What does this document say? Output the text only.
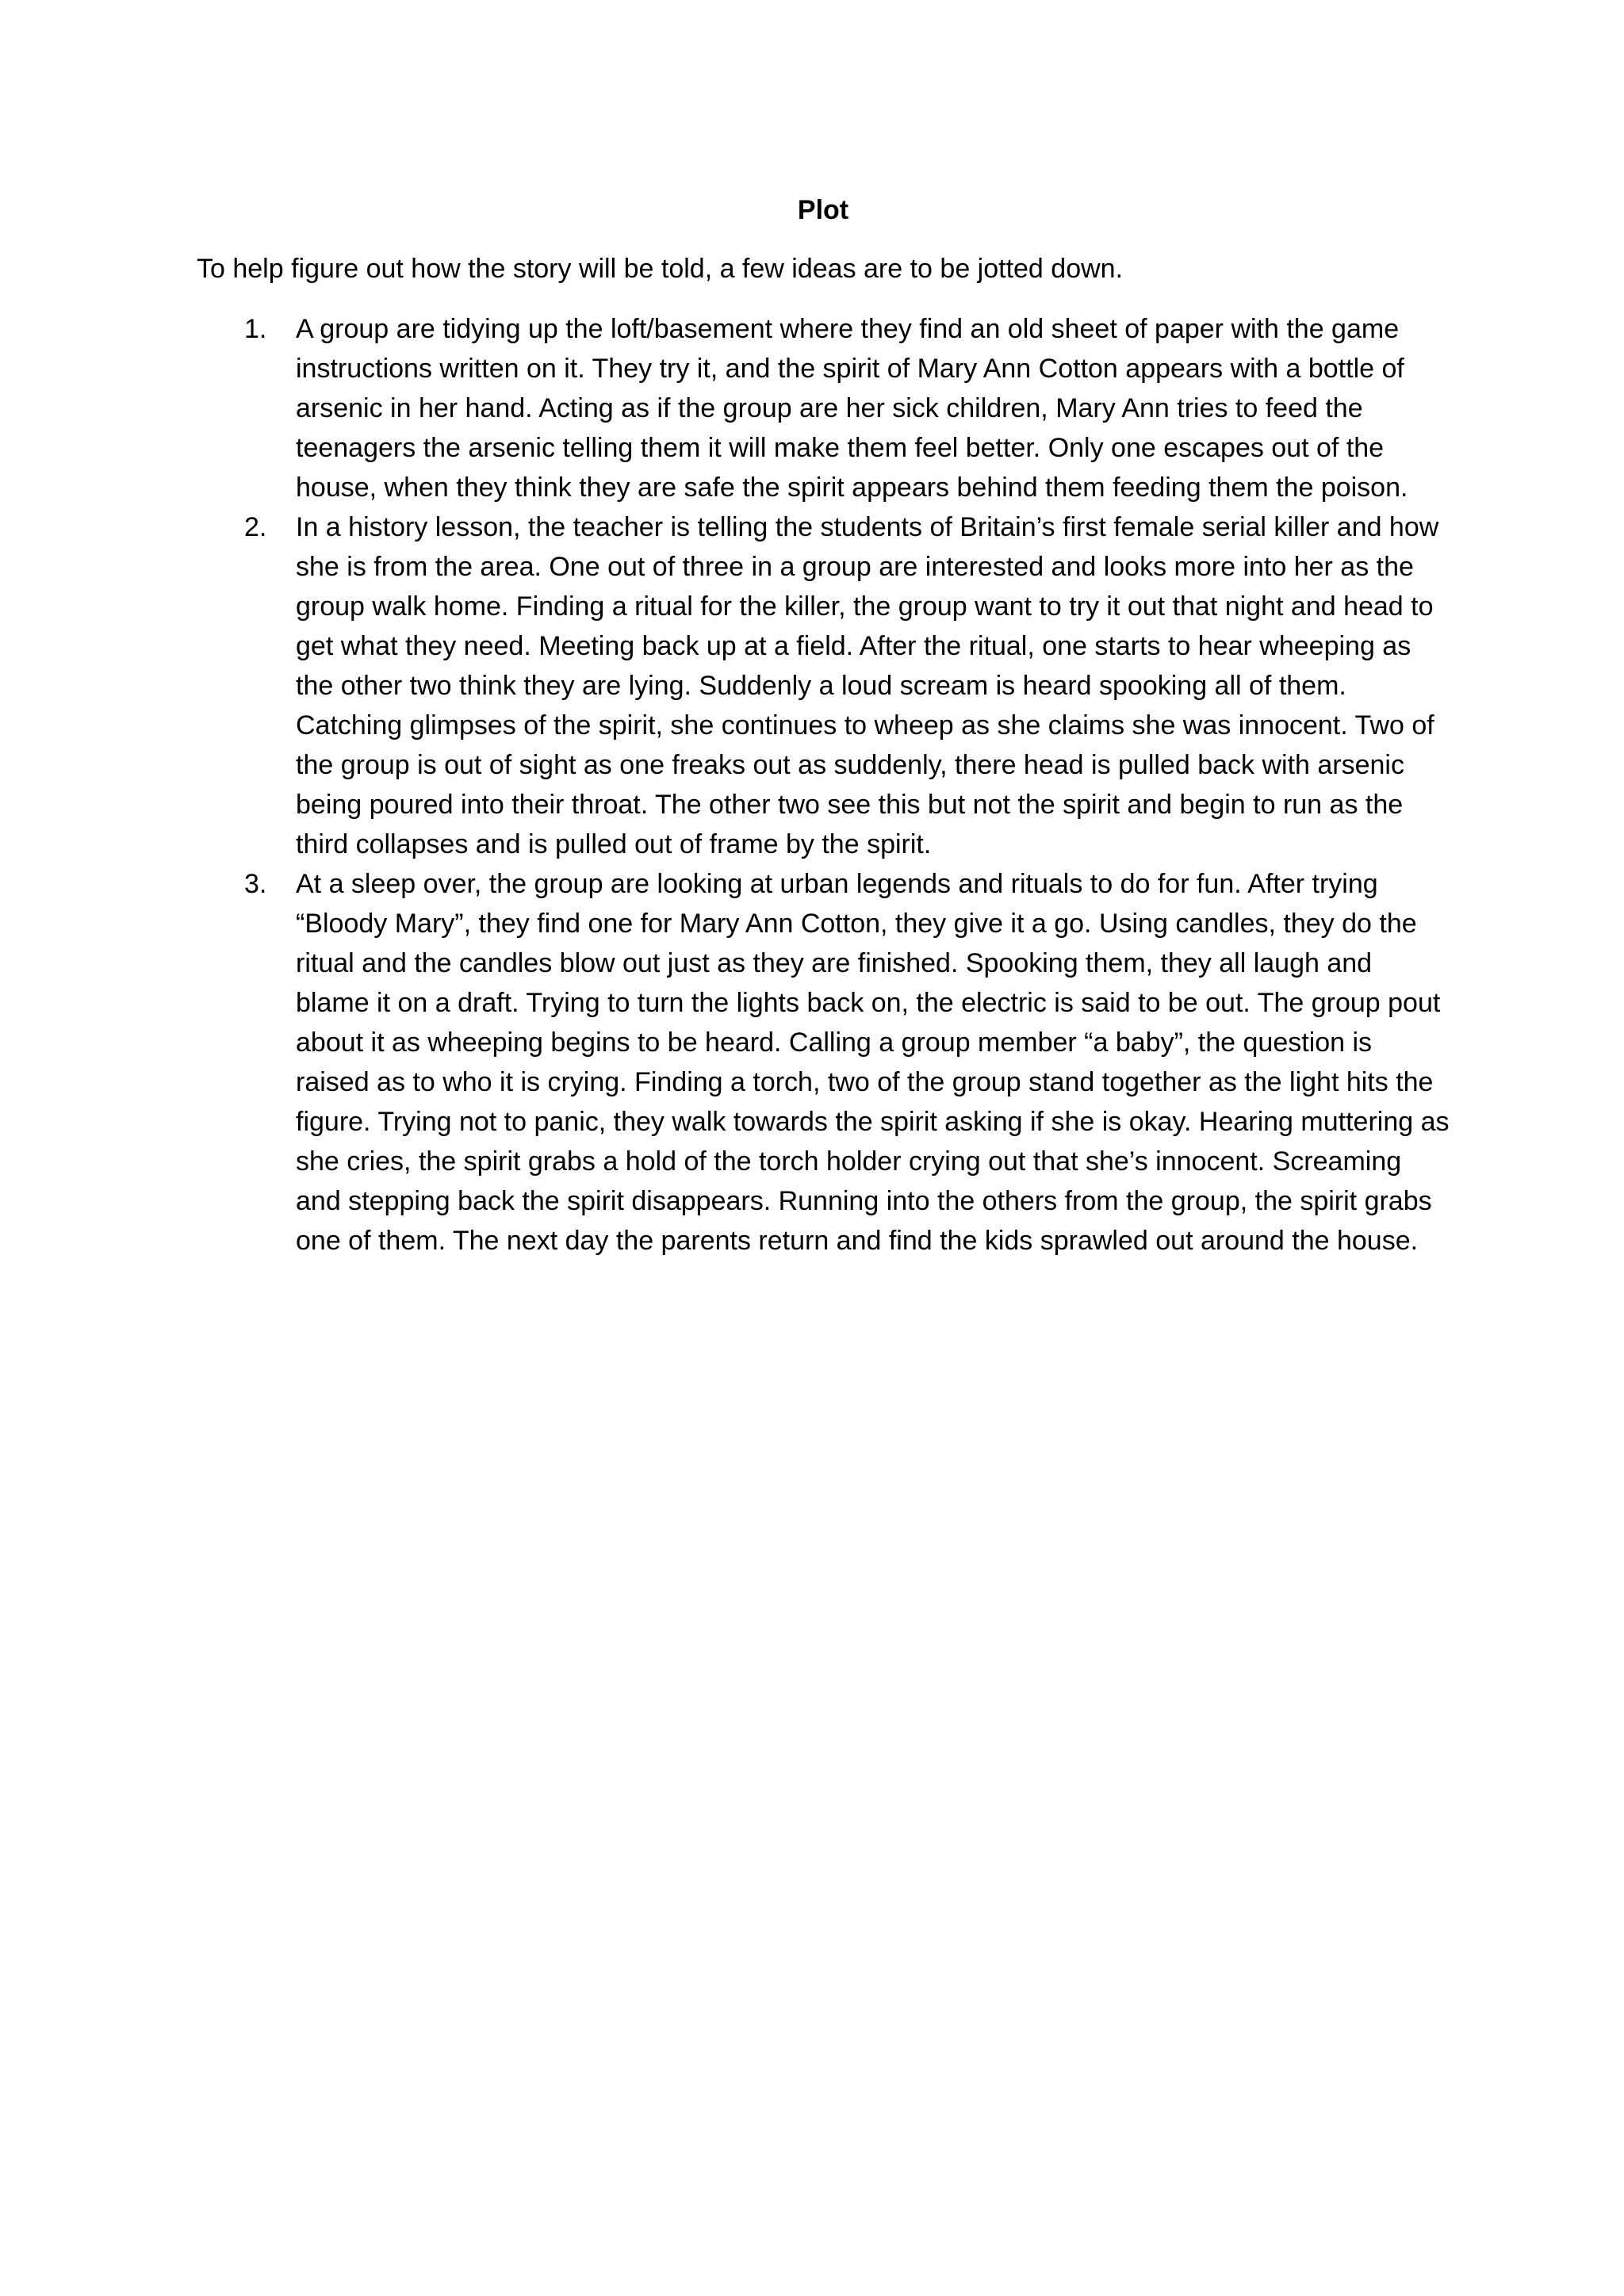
Plot

To help figure out how the story will be told, a few ideas are to be jotted down.

1. A group are tidying up the loft/basement where they find an old sheet of paper with the game instructions written on it. They try it, and the spirit of Mary Ann Cotton appears with a bottle of arsenic in her hand. Acting as if the group are her sick children, Mary Ann tries to feed the teenagers the arsenic telling them it will make them feel better. Only one escapes out of the house, when they think they are safe the spirit appears behind them feeding them the poison.
2. In a history lesson, the teacher is telling the students of Britain’s first female serial killer and how she is from the area. One out of three in a group are interested and looks more into her as the group walk home. Finding a ritual for the killer, the group want to try it out that night and head to get what they need. Meeting back up at a field. After the ritual, one starts to hear wheeping as the other two think they are lying. Suddenly a loud scream is heard spooking all of them. Catching glimpses of the spirit, she continues to wheep as she claims she was innocent. Two of the group is out of sight as one freaks out as suddenly, there head is pulled back with arsenic being poured into their throat. The other two see this but not the spirit and begin to run as the third collapses and is pulled out of frame by the spirit.
3. At a sleep over, the group are looking at urban legends and rituals to do for fun. After trying “Bloody Mary”, they find one for Mary Ann Cotton, they give it a go. Using candles, they do the ritual and the candles blow out just as they are finished. Spooking them, they all laugh and blame it on a draft. Trying to turn the lights back on, the electric is said to be out. The group pout about it as wheeping begins to be heard. Calling a group member “a baby”, the question is raised as to who it is crying. Finding a torch, two of the group stand together as the light hits the figure. Trying not to panic, they walk towards the spirit asking if she is okay. Hearing muttering as she cries, the spirit grabs a hold of the torch holder crying out that she’s innocent. Screaming and stepping back the spirit disappears. Running into the others from the group, the spirit grabs one of them. The next day the parents return and find the kids sprawled out around the house.
